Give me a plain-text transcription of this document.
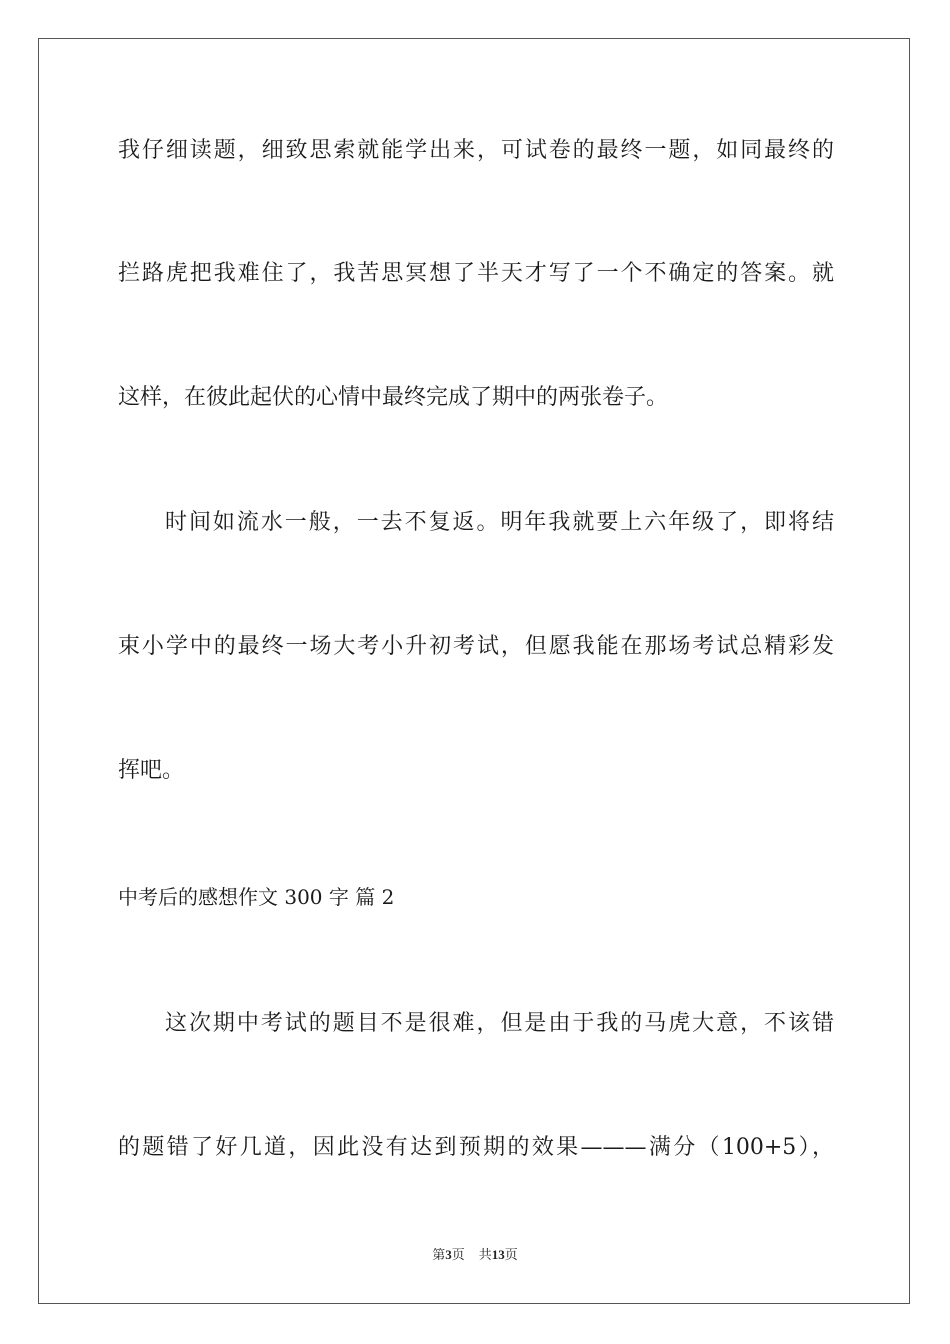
我仔细读题，细致思索就能学出来，可试卷的最终一题，如同最终的
拦路虎把我难住了，我苦思冥想了半天才写了一个不确定的答案。就
这样，在彼此起伏的心情中最终完成了期中的两张卷子。
时间如流水一般，一去不复返。明年我就要上六年级了，即将结
束小学中的最终一场大考小升初考试，但愿我能在那场考试总精彩发
挥吧。
中考后的感想作文 300 字 篇 2
这次期中考试的题目不是很难，但是由于我的马虎大意，不该错
的题错了好几道，因此没有达到预期的效果———满分（100+5），
第3页 共13页
